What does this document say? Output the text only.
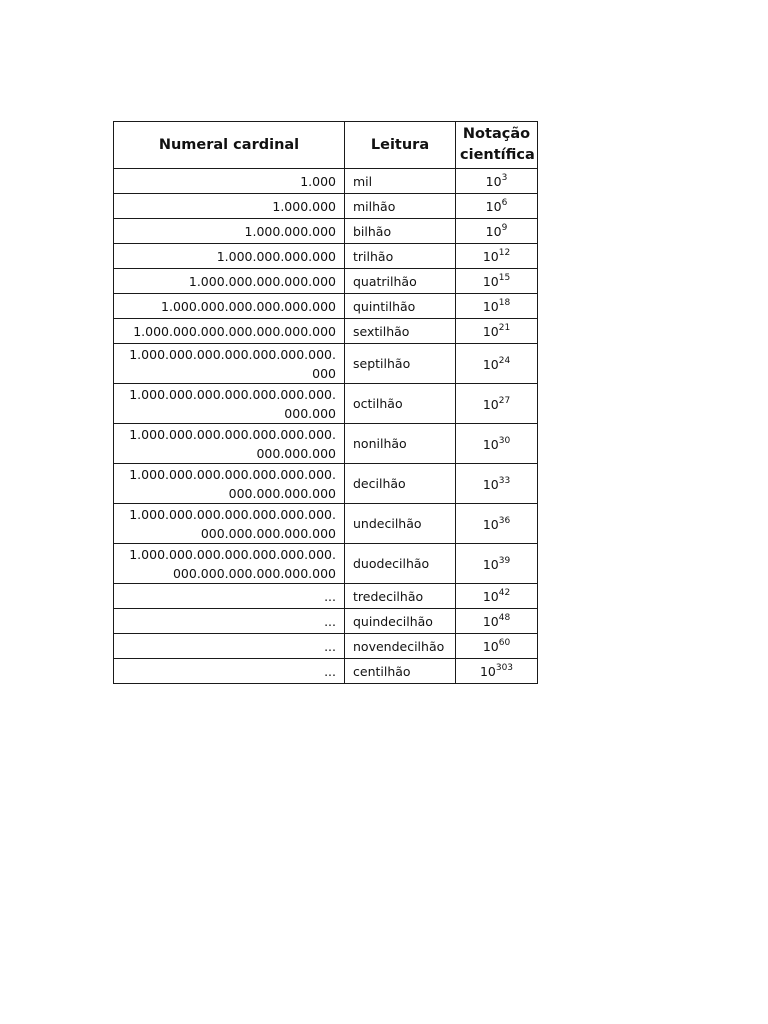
Numeral cardinal	Leitura	Notação
científica
1.000	mil	$10^3$
1.000.000	milhão	$10^6$
1.000.000.000	bilhão	$10^9$
1.000.000.000.000	trilhão	$10^{12}$
1.000.000.000.000.000	quatrilhão	$10^{15}$
1.000.000.000.000.000.000	quintilhão	$10^{18}$
1.000.000.000.000.000.000.000	sextilhão	$10^{21}$
1.000.000.000.000.000.000.000.
000	septilhão	$10^{24}$
1.000.000.000.000.000.000.000.
000.000	octilhão	$10^{27}$
1.000.000.000.000.000.000.000.
000.000.000	nonilhão	$10^{30}$
1.000.000.000.000.000.000.000.
000.000.000.000	decilhão	$10^{33}$
1.000.000.000.000.000.000.000.
000.000.000.000.000	undecilhão	$10^{36}$
1.000.000.000.000.000.000.000.
000.000.000.000.000.000	duodecilhão	$10^{39}$
...	tredecilhão	$10^{42}$
...	quindecilhão	$10^{48}$
...	novendecilhão	$10^{60}$
...	centilhão	$10^{303}$
